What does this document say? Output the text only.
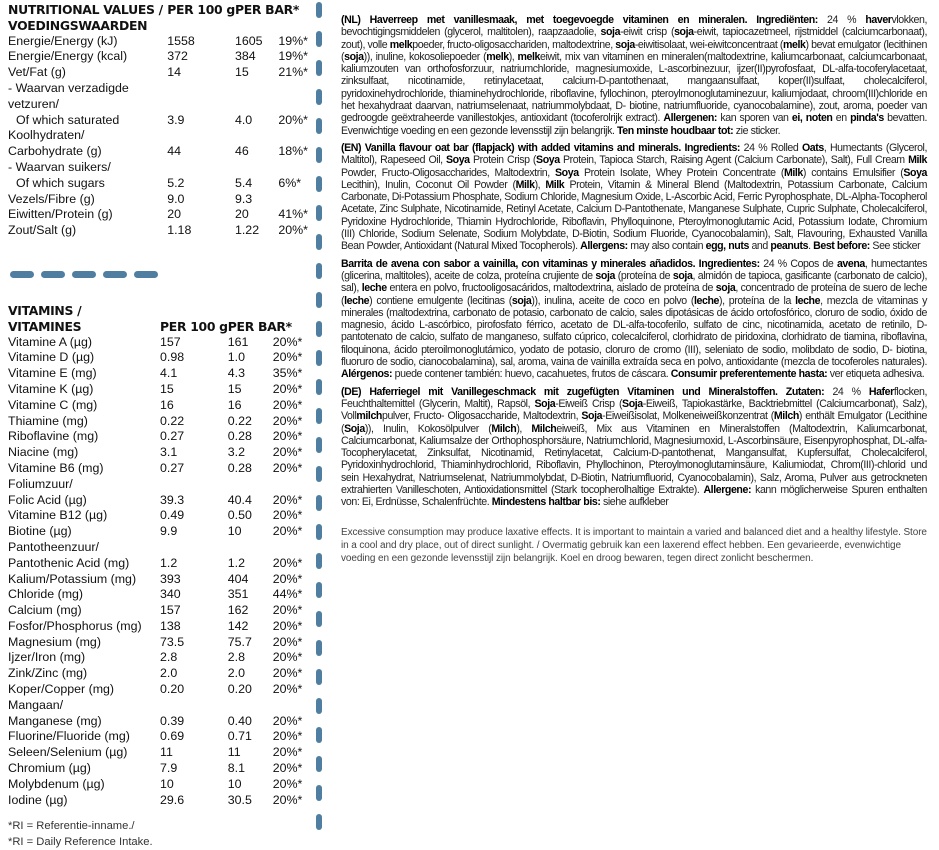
NUTRITIONAL VALUES /
VOEDINGSWAARDEN	PER 100 g	PER BAR*	
Energie/Energy (kJ)	1558	1605	19%*
Energie/Energy (kcal)	372	384	19%*
Vet/Fat (g)	14	15	21%*
- Waarvan verzadigde			
vetzuren/			
Of which saturated	3.9	4.0	20%*
Koolhydraten/			
Carbohydrate (g)	44	46	18%*
- Waarvan suikers/			
Of which sugars	5.2	5.4	6%*
Vezels/Fibre (g)	9.0	9.3	
Eiwitten/Protein (g)	20	20	41%*
Zout/Salt (g)	1.18	1.22	20%*
VITAMINS /
VITAMINES	PER 100 g	PER BAR*	
Vitamine A (µg)	157	161	20%*
Vitamine D (µg)	0.98	1.0	20%*
Vitamine E (mg)	4.1	4.3	35%*
Vitamine K (µg)	15	15	20%*
Vitamine C (mg)	16	16	20%*
Thiamine (mg)	0.22	0.22	20%*
Riboflavine (mg)	0.27	0.28	20%*
Niacine (mg)	3.1	3.2	20%*
Vitamine B6 (mg)	0.27	0.28	20%*
Foliumzuur/			
Folic Acid (µg)	39.3	40.4	20%*
Vitamine B12 (µg)	0.49	0.50	20%*
Biotine (µg)	9.9	10	20%*
Pantotheenzuur/			
Pantothenic Acid (mg)	1.2	1.2	20%*
Kalium/Potassium (mg)	393	404	20%*
Chloride (mg)	340	351	44%*
Calcium (mg)	157	162	20%*
Fosfor/Phosphorus (mg)	138	142	20%*
Magnesium (mg)	73.5	75.7	20%*
Ijzer/Iron (mg)	2.8	2.8	20%*
Zink/Zinc (mg)	2.0	2.0	20%*
Koper/Copper (mg)	0.20	0.20	20%*
Mangaan/			
Manganese (mg)	0.39	0.40	20%*
Fluorine/Fluoride (mg)	0.69	0.71	20%*
Seleen/Selenium (µg)	11	11	20%*
Chromium (µg)	7.9	8.1	20%*
Molybdenum (µg)	10	10	20%*
Iodine (µg)	29.6	30.5	20%*
*RI = Referentie-inname./
*RI = Daily Reference Intake.

(NL) Haverreep met vanillesmaak, met toegevoegde vitaminen en mineralen. Ingrediënten: 24 % havervlokken, bevochtigingsmiddelen (glycerol, maltitolen), raapzaadolie, soja-eiwit crisp (soja-eiwit, tapiocazetmeel, rijstmiddel (calciumcarbonaat), zout), volle melkpoeder, fructo-oligosacchariden, maltodextrine, soja-eiwitisolaat, wei-eiwitconcentraat (melk) bevat emulgator (lecithinen (soja)), inuline, kokosoliepoeder (melk), melkeiwit, mix van vitaminen en mineralen(maltodextrine, kaliumcarbonaat, calciumcarbonaat, kaliumzouten van orthofosforzuur, natriumchloride, magnesiumoxide, L-ascorbinezuur, ijzer(II)pyrofosfaat, DL-alfa-tocoferylacetaat, zinksulfaat, nicotinamide, retinylacetaat, calcium-D-pantothenaat, mangaansulfaat, koper(II)sulfaat, cholecalciferol, pyridoxinehydrochloride, thiaminehydrochloride, riboflavine, fyllochinon, pteroylmonoglutaminezuur, kaliumjodaat, chroom(III)chloride en het hexahydraat daarvan, natriumselenaat, natriummolybdaat, D- biotine, natriumfluoride, cyanocobalamine), zout, aroma, poeder van gedroogde geëxtraheerde vanillestokjes, antioxidant (tocoferolrijk extract). Allergenen: kan sporen van ei, noten en pinda's bevatten. Evenwichtige voeding en een gezonde levensstijl zijn belangrijk. Ten minste houdbaar tot: zie sticker.

(EN) Vanilla flavour oat bar (flapjack) with added vitamins and minerals. Ingredients: 24 % Rolled Oats, Humectants (Glycerol, Maltitol), Rapeseed Oil, Soya Protein Crisp (Soya Protein, Tapioca Starch, Raising Agent (Calcium Carbonate), Salt), Full Cream Milk Powder, Fructo-Oligosaccharides, Maltodextrin, Soya Protein Isolate, Whey Protein Concentrate (Milk) contains Emulsifier (Soya Lecithin), Inulin, Coconut Oil Powder (Milk), Milk Protein, Vitamin & Mineral Blend (Maltodextrin, Potassium Carbonate, Calcium Carbonate, Di-Potassium Phosphate, Sodium Chloride, Magnesium Oxide, L-Ascorbic Acid, Ferric Pyrophosphate, DL-Alpha-Tocopherol Acetate, Zinc Sulphate, Nicotinamide, Retinyl Acetate, Calcium D-Pantothenate, Manganese Sulphate, Cupric Sulphate, Cholecalciferol, Pyridoxine Hydrochloride, Thiamin Hydrochloride, Riboflavin, Phylloquinone, Pteroylmonoglutamic Acid, Potassium Iodate, Chromium (III) Chloride, Sodium Selenate, Sodium Molybdate, D-Biotin, Sodium Fluoride, Cyanocobalamin), Salt, Flavouring, Exhausted Vanilla Bean Powder, Antioxidant (Natural Mixed Tocopherols). Allergens: may also contain egg, nuts and peanuts. Best before: See sticker

Barrita de avena con sabor a vainilla, con vitaminas y minerales añadidos. Ingredientes: 24 % Copos de avena, humectantes (glicerina, maltitoles), aceite de colza, proteína crujiente de soja (proteína de soja, almidón de tapioca, gasificante (carbonato de calcio), sal), leche entera en polvo, fructooligosacáridos, maltodextrina, aislado de proteína de soja, concentrado de proteína de suero de leche (leche) contiene emulgente (lecitinas (soja)), inulina, aceite de coco en polvo (leche), proteína de la leche, mezcla de vitaminas y minerales (maltodextrina, carbonato de potasio, carbonato de calcio, sales dipotásicas de ácido ortofosfórico, cloruro de sodio, óxido de magnesio, ácido L-ascórbico, pirofosfato férrico, acetato de DL-alfa-tocoferilo, sulfato de cinc, nicotinamida, acetato de retinilo, D- pantotenato de calcio, sulfato de manganeso, sulfato cúprico, colecalciferol, clorhidrato de piridoxina, clorhidrato de tiamina, riboflavina, filoquinona, ácido pteroilmonoglutámico, yodato de potasio, cloruro de cromo (III), seleniato de sodio, molibdato de sodio, D- biotina, fluoruro de sodio, cianocobalamina), sal, aroma, vaina de vainilla extraída seca en polvo, antioxidante (mezcla de tocoferoles naturales). Alérgenos: puede contener también: huevo, cacahuetes, frutos de cáscara. Consumir preferentemente hasta: ver etiqueta adhesiva.

(DE) Haferriegel mit Vanillegeschmack mit zugefügten Vitaminen und Mineralstoffen. Zutaten: 24 % Haferflocken, Feuchthaltemittel (Glycerin, Maltit), Rapsöl, Soja-Eiweiß Crisp (Soja-Eiweiß, Tapiokastärke, Backtriebmittel (Calciumcarbonat), Salz), Vollmilchpulver, Fructo- Oligosaccharide, Maltodextrin, Soja-Eiweißisolat, Molkeneiweißkonzentrat (Milch) enthält Emulgator (Lecithine (Soja)), Inulin, Kokosölpulver (Milch), Milcheiweiß, Mix aus Vitaminen en Mineralstoffen (Maltodextrin, Kaliumcarbonat, Calciumcarbonat, Kaliumsalze der Orthophosphorsäure, Natriumchlorid, Magnesiumoxid, L-Ascorbinsäure, Eisenpyrophosphat, DL-alfa-Tocopherylacetat, Zinksulfat, Nicotinamid, Retinylacetat, Calcium-D-pantothenat, Mangansulfat, Kupfersulfat, Cholecalciferol, Pyridoxinhydrochlorid, Thiaminhydrochlorid, Riboflavin, Phyllochinon, Pteroylmonoglutaminsäure, Kaliumiodat, Chrom(III)-chlorid und sein Hexahydrat, Natriumselenat, Natriummolybdat, D-Biotin, Natriumfluorid, Cyanocobalamin), Salz, Aroma, Pulver aus getrockneten extrahierten Vanilleschoten, Antioxidationsmittel (Stark tocopherolhaltige Extrakte). Allergene: kann möglicherweise Spuren enthalten von: Ei, Erdnüsse, Schalenfrüchte. Mindestens haltbar bis: siehe aufkleber

Excessive consumption may produce laxative effects. It is important to maintain a varied and balanced diet and a healthy lifestyle. Store in a cool and dry place, out of direct sunlight. / Overmatig gebruik kan een laxerend effect hebben. Een gevarieerde, evenwichtige voeding en een gezonde levensstijl zijn belangrijk. Koel en droog bewaren, tegen direct zonlicht beschermen.
